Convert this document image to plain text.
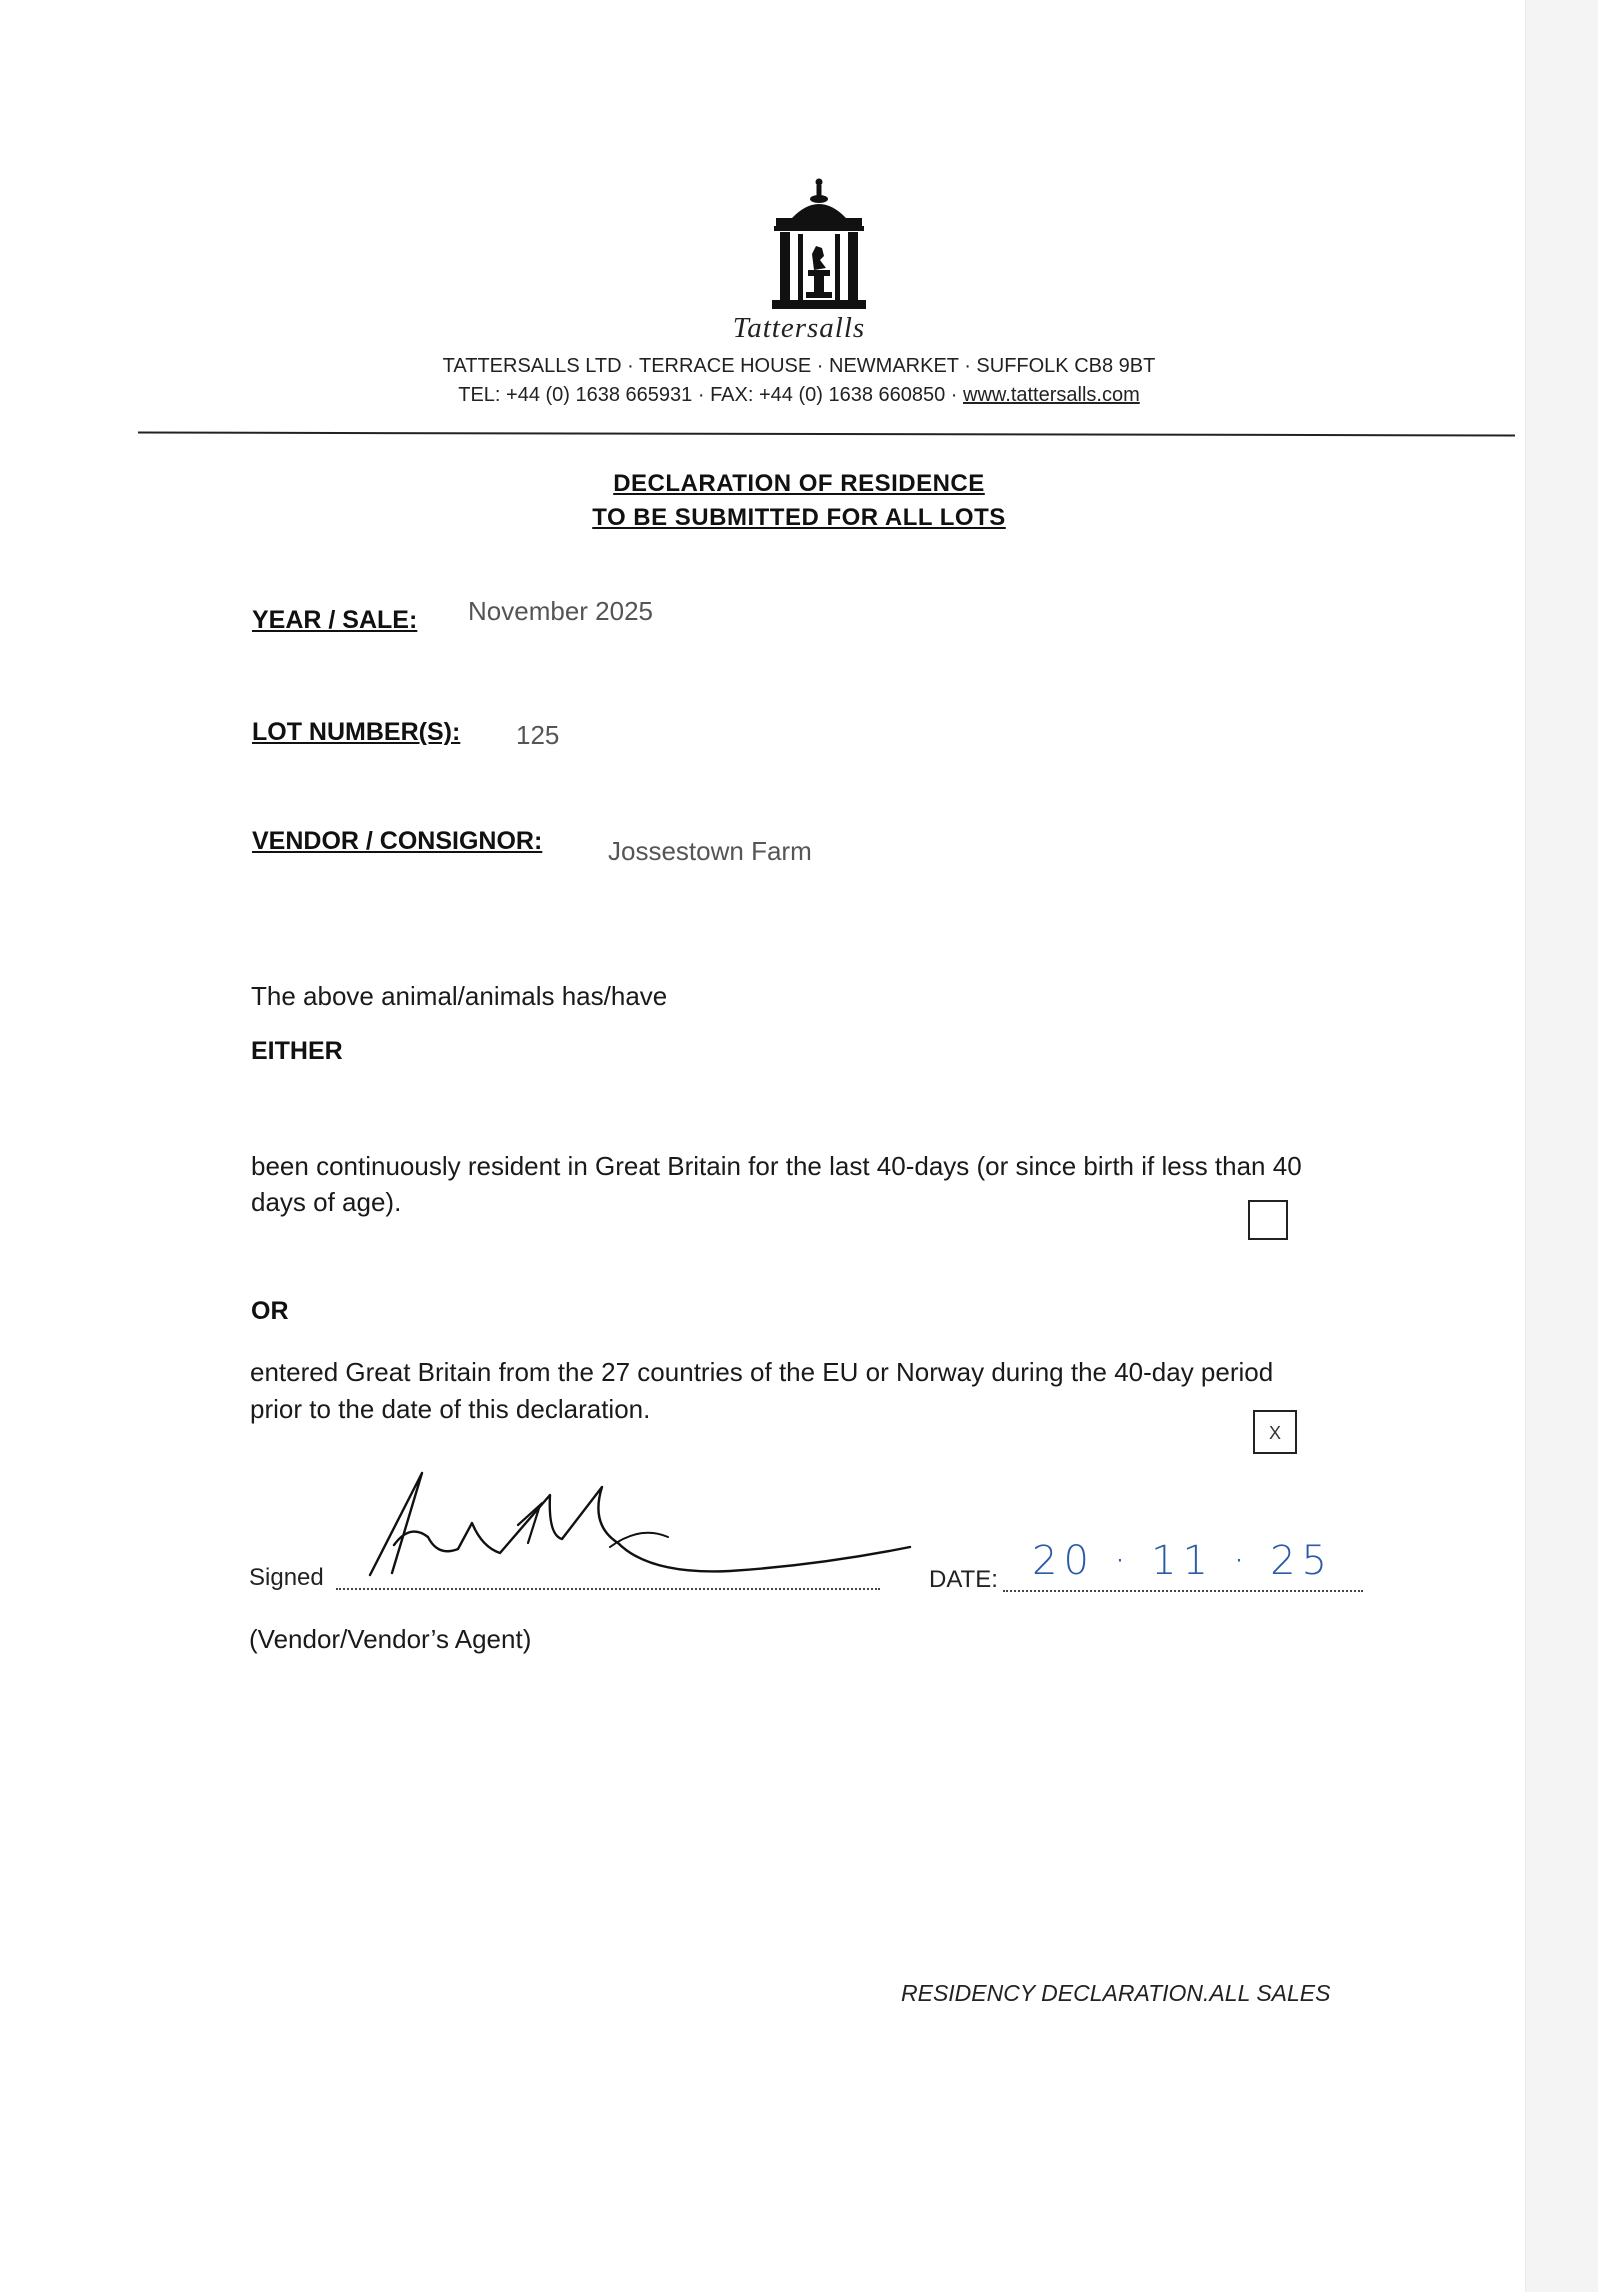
Tattersalls
TATTERSALLS LTD · TERRACE HOUSE · NEWMARKET · SUFFOLK CB8 9BT
TEL: +44 (0) 1638 665931 · FAX: +44 (0) 1638 660850 · www.tattersalls.com
DECLARATION OF RESIDENCE
TO BE SUBMITTED FOR ALL LOTS
YEAR / SALE: November 2025
LOT NUMBER(S): 125
VENDOR / CONSIGNOR:	Jossestown Farm
The above animal/animals has/have
EITHER
been continuously resident in Great Britain for the last 40-days (or since birth if less than 40
days of age).
OR
entered Great Britain from the 27 countries of the EU or Norway during the 40-day period
prior to the date of this declaration.
X
Signed	DATE: 20 · 11 · 25
(Vendor/Vendor’s Agent)
RESIDENCY DECLARATION.ALL SALES
